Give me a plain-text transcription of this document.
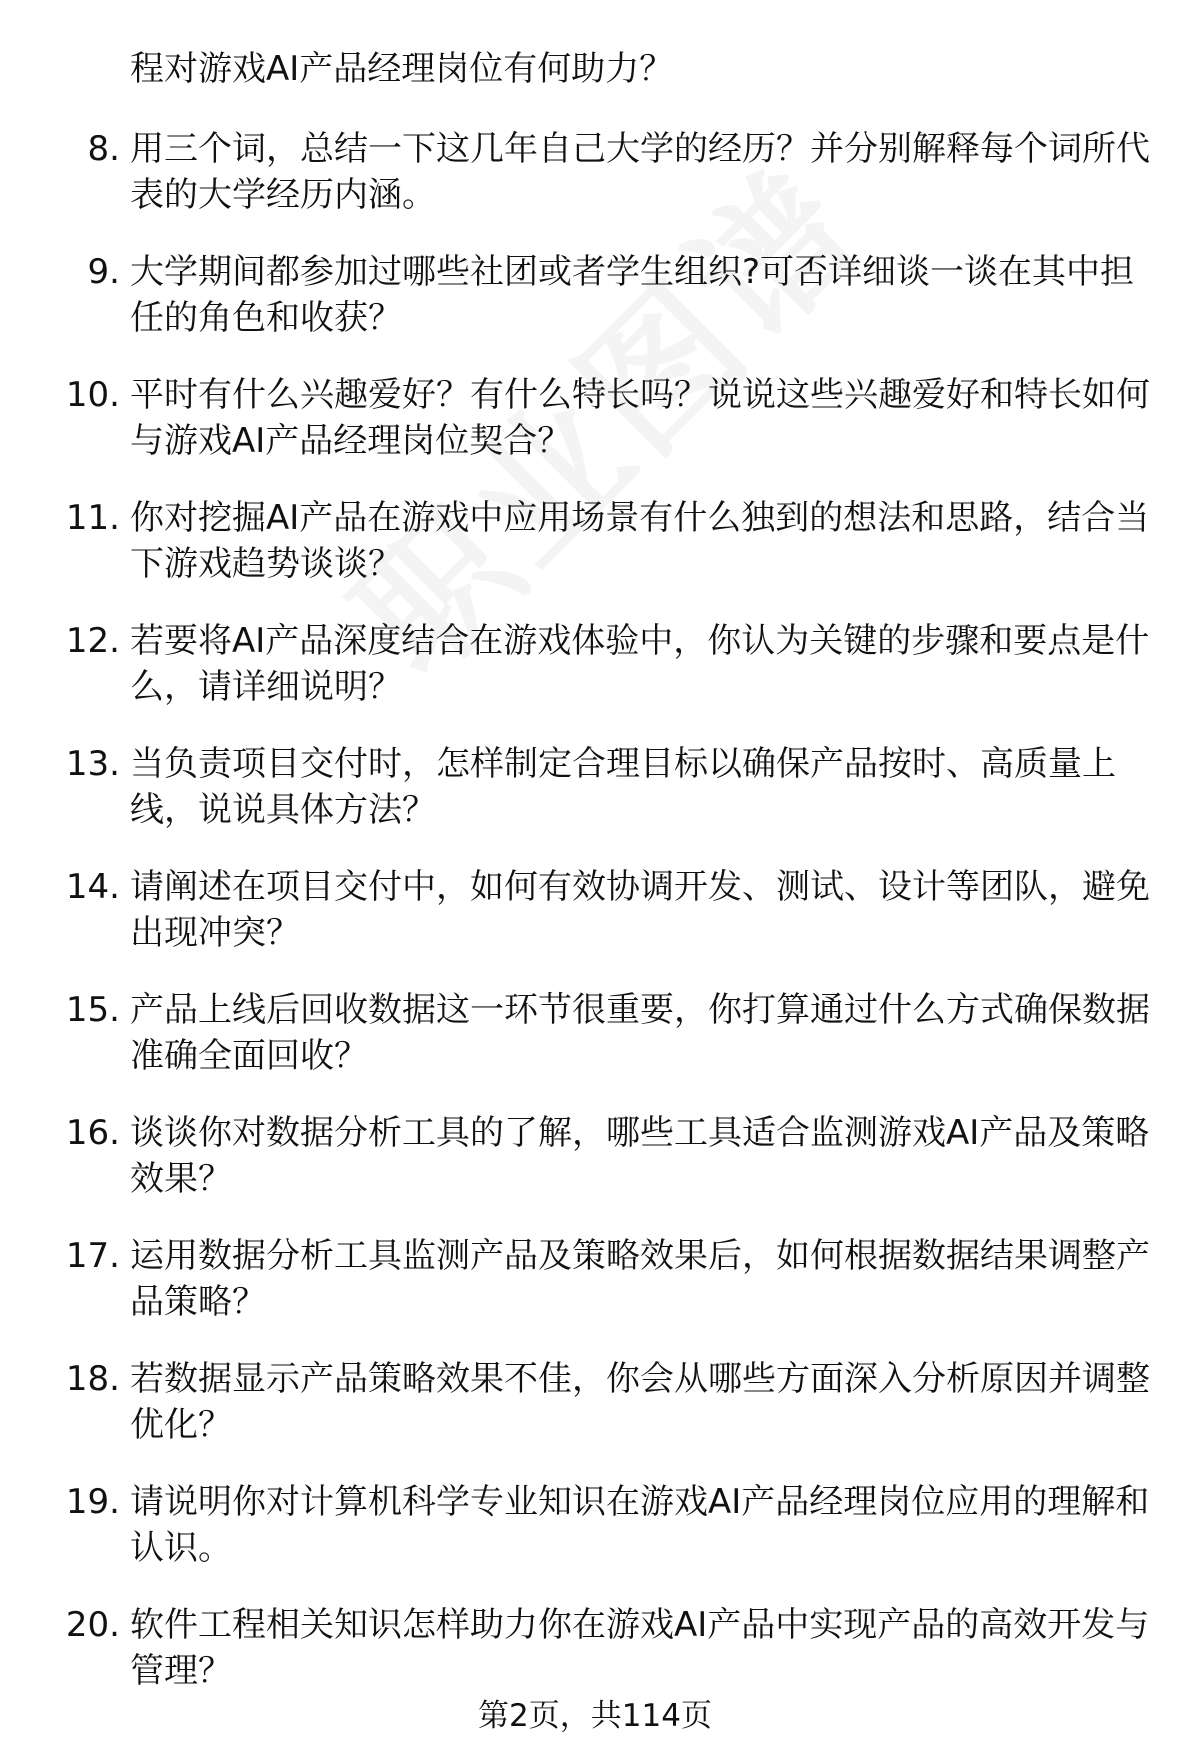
程对游戏AI产品经理岗位有何助力？
8. 用三个词，总结一下这几年自己大学的经历？并分别解释每个词所代表的大学经历内涵。
9. 大学期间都参加过哪些社团或者学生组织?可否详细谈一谈在其中担任的角色和收获？
10. 平时有什么兴趣爱好？有什么特长吗？说说这些兴趣爱好和特长如何与游戏AI产品经理岗位契合？
11. 你对挖掘AI产品在游戏中应用场景有什么独到的想法和思路，结合当下游戏趋势谈谈？
12. 若要将AI产品深度结合在游戏体验中，你认为关键的步骤和要点是什么，请详细说明？
13. 当负责项目交付时，怎样制定合理目标以确保产品按时、高质量上线，说说具体方法？
14. 请阐述在项目交付中，如何有效协调开发、测试、设计等团队，避免出现冲突？
15. 产品上线后回收数据这一环节很重要，你打算通过什么方式确保数据准确全面回收？
16. 谈谈你对数据分析工具的了解，哪些工具适合监测游戏AI产品及策略效果？
17. 运用数据分析工具监测产品及策略效果后，如何根据数据结果调整产品策略？
18. 若数据显示产品策略效果不佳，你会从哪些方面深入分析原因并调整优化？
19. 请说明你对计算机科学专业知识在游戏AI产品经理岗位应用的理解和认识。
20. 软件工程相关知识怎样助力你在游戏AI产品中实现产品的高效开发与管理？
第2页，共114页
